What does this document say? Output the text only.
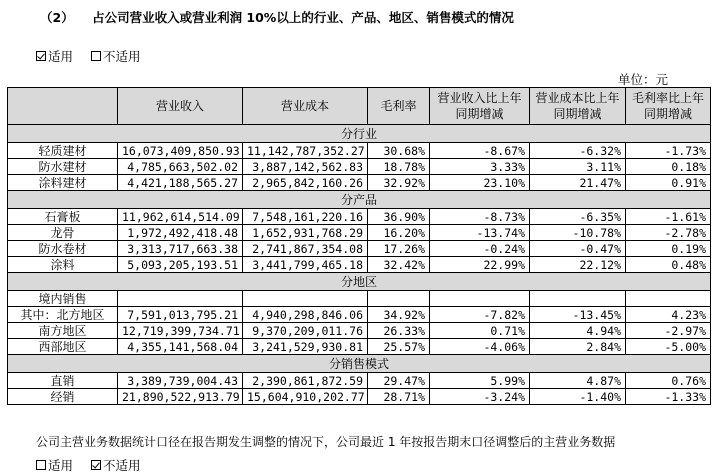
（2） 占公司营业收入或营业利润 10%以上的行业、产品、地区、销售模式的情况
适用
不适用
单位：元
	营业收入	营业成本	毛利率	营业收入比上年同期增减	营业成本比上年同期增减	毛利率比上年同期增减
分行业						
轻质建材	16,073,409,850.93	11,142,787,352.27	30.68%	-8.67%	-6.32%	-1.73%
防水建材	4,785,663,502.02	3,887,142,562.83	18.78%	3.33%	3.11%	0.18%
涂料建材	4,421,188,565.27	2,965,842,160.26	32.92%	23.10%	21.47%	0.91%
分产品						
石膏板	11,962,614,514.09	7,548,161,220.16	36.90%	-8.73%	-6.35%	-1.61%
龙骨	1,972,492,418.48	1,652,931,768.29	16.20%	-13.74%	-10.78%	-2.78%
防水卷材	3,313,717,663.38	2,741,867,354.08	17.26%	-0.24%	-0.47%	0.19%
涂料	5,093,205,193.51	3,441,799,465.18	32.42%	22.99%	22.12%	0.48%
分地区						
境内销售						
其中：北方地区	7,591,013,795.21	4,940,298,846.06	34.92%	-7.82%	-13.45%	4.23%
南方地区	12,719,399,734.71	9,370,209,011.76	26.33%	0.71%	4.94%	-2.97%
西部地区	4,355,141,568.04	3,241,529,930.81	25.57%	-4.06%	2.84%	-5.00%
分销售模式						
直销	3,389,739,004.43	2,390,861,872.59	29.47%	5.99%	4.87%	0.76%
经销	21,890,522,913.79	15,604,910,202.77	28.71%	-3.24%	-1.40%	-1.33%
公司主营业务数据统计口径在报告期发生调整的情况下，公司最近 1 年按报告期末口径调整后的主营业务数据
适用
不适用
